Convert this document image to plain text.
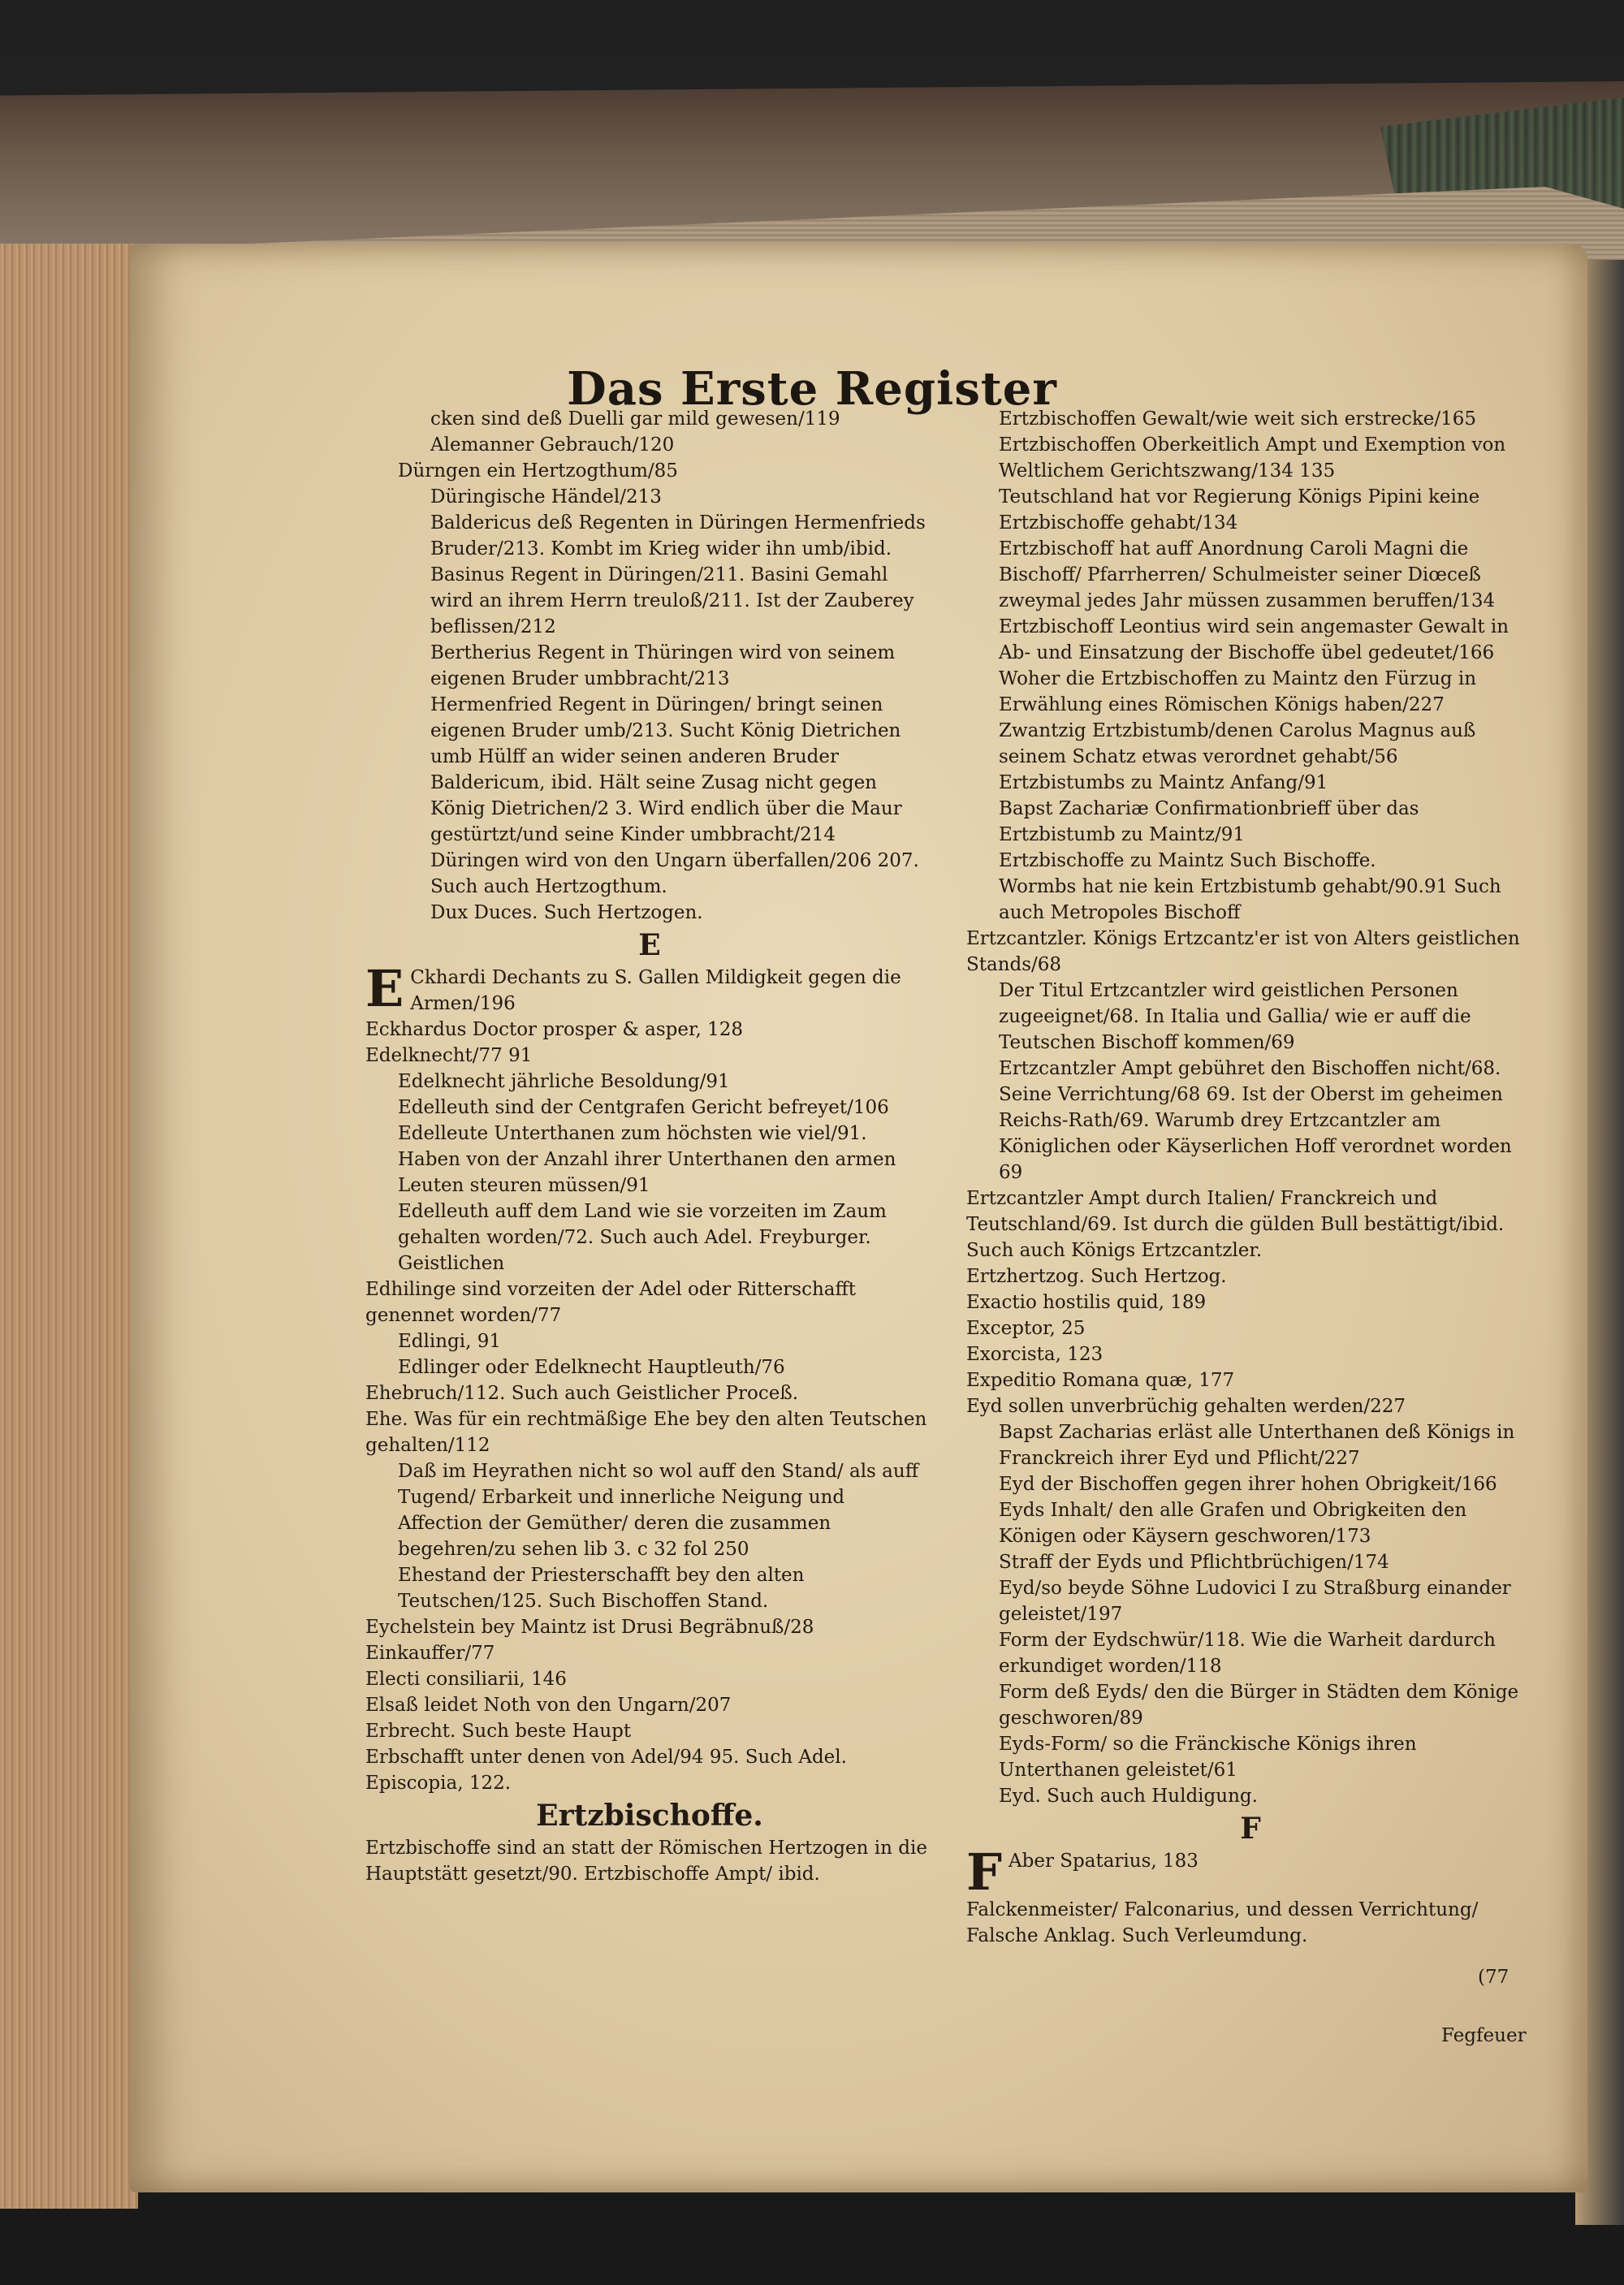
Das Erste Register
cken sind deß Duelli gar mild gewesen/119 Alemanner Gebrauch/120
Dürngen ein Hertzogthum/85
Düringische Händel/213
Baldericus deß Regenten in Düringen Hermenfrieds Bruder/213. Kombt im Krieg wider ihn umb/ibid.
Basinus Regent in Düringen/211. Basini Gemahl wird an ihrem Herrn treuloß/211. Ist der Zauberey beflissen/212
Bertherius Regent in Thüringen wird von seinem eigenen Bruder umbbracht/213
Hermenfried Regent in Düringen/ bringt seinen eigenen Bruder umb/213. Sucht König Dietrichen umb Hülff an wider seinen anderen Bruder Baldericum, ibid. Hält seine Zusag nicht gegen König Dietrichen/2 3. Wird endlich über die Maur gestürtzt/und seine Kinder umbbracht/214
Düringen wird von den Ungarn überfallen/206 207. Such auch Hertzogthum.
Dux Duces. Such Hertzogen.
E
E Ckhardi Dechants zu S. Gallen Mildigkeit gegen die Armen/196
Eckhardus Doctor prosper & asper, 128
Edelknecht/77 91
Edelknecht jährliche Besoldung/91
Edelleuth sind der Centgrafen Gericht befreyet/106
Edelleute Unterthanen zum höchsten wie viel/91. Haben von der Anzahl ihrer Unterthanen den armen Leuten steuren müssen/91
Edelleuth auff dem Land wie sie vorzeiten im Zaum gehalten worden/72. Such auch Adel. Freyburger. Geistlichen
Edhilinge sind vorzeiten der Adel oder Ritterschafft genennet worden/77
Edlingi, 91
Edlinger oder Edelknecht Hauptleuth/76
Ehebruch/112. Such auch Geistlicher Proceß.
Ehe. Was für ein rechtmäßige Ehe bey den alten Teutschen gehalten/112
Daß im Heyrathen nicht so wol auff den Stand/ als auff Tugend/ Erbarkeit und innerliche Neigung und Affection der Gemüther/ deren die zusammen begehren/zu sehen lib 3. c 32 fol 250
Ehestand der Priesterschafft bey den alten Teutschen/125. Such Bischoffen Stand.
Eychelstein bey Maintz ist Drusi Begräbnuß/28
Einkauffer/77
Electi consiliarii, 146
Elsaß leidet Noth von den Ungarn/207
Erbrecht. Such beste Haupt
Erbschafft unter denen von Adel/94 95. Such Adel.
Episcopia, 122.
Ertzbischoffe.
Ertzbischoffe sind an statt der Römischen Hertzogen in die Hauptstätt gesetzt/90. Ertzbischoffe Ampt/ ibid.
Ertzbischoffen Gewalt/wie weit sich erstrecke/165
Ertzbischoffen Oberkeitlich Ampt und Exemption von Weltlichem Gerichtszwang/134 135
Teutschland hat vor Regierung Königs Pipini keine Ertzbischoffe gehabt/134
Ertzbischoff hat auff Anordnung Caroli Magni die Bischoff/ Pfarrherren/ Schulmeister seiner Diœceß zweymal jedes Jahr müssen zusammen beruffen/134
Ertzbischoff Leontius wird sein angemaster Gewalt in Ab- und Einsatzung der Bischoffe übel gedeutet/166
Woher die Ertzbischoffen zu Maintz den Fürzug in Erwählung eines Römischen Königs haben/227
Zwantzig Ertzbistumb/denen Carolus Magnus auß seinem Schatz etwas verordnet gehabt/56
Ertzbistumbs zu Maintz Anfang/91
Bapst Zachariæ Confirmationbrieff über das Ertzbistumb zu Maintz/91
Ertzbischoffe zu Maintz Such Bischoffe.
Wormbs hat nie kein Ertzbistumb gehabt/90.91 Such auch Metropoles Bischoff
Ertzcantzler. Königs Ertzcantz'er ist von Alters geistlichen Stands/68
Der Titul Ertzcantzler wird geistlichen Personen zugeeignet/68. In Italia und Gallia/ wie er auff die Teutschen Bischoff kommen/69
Ertzcantzler Ampt gebühret den Bischoffen nicht/68. Seine Verrichtung/68 69. Ist der Oberst im geheimen Reichs-Rath/69. Warumb drey Ertzcantzler am Königlichen oder Käyserlichen Hoff verordnet worden 69
Ertzcantzler Ampt durch Italien/ Franckreich und Teutschland/69. Ist durch die gülden Bull bestättigt/ibid. Such auch Königs Ertzcantzler.
Ertzhertzog. Such Hertzog.
Exactio hostilis quid, 189
Exceptor, 25
Exorcista, 123
Expeditio Romana quæ, 177
Eyd sollen unverbrüchig gehalten werden/227
Bapst Zacharias erläst alle Unterthanen deß Königs in Franckreich ihrer Eyd und Pflicht/227
Eyd der Bischoffen gegen ihrer hohen Obrigkeit/166
Eyds Inhalt/ den alle Grafen und Obrigkeiten den Königen oder Käysern geschworen/173
Straff der Eyds und Pflichtbrüchigen/174
Eyd/so beyde Söhne Ludovici I zu Straßburg einander geleistet/197
Form der Eydschwür/118. Wie die Warheit dardurch erkundiget worden/118
Form deß Eyds/ den die Bürger in Städten dem Könige geschworen/89
Eyds-Form/ so die Fränckische Königs ihren Unterthanen geleistet/61
Eyd. Such auch Huldigung.
F
F Aber Spatarius, 183
Falckenmeister/ Falconarius, und dessen Verrichtung/
Falsche Anklag. Such Verleumdung.
(77
Fegfeuer
